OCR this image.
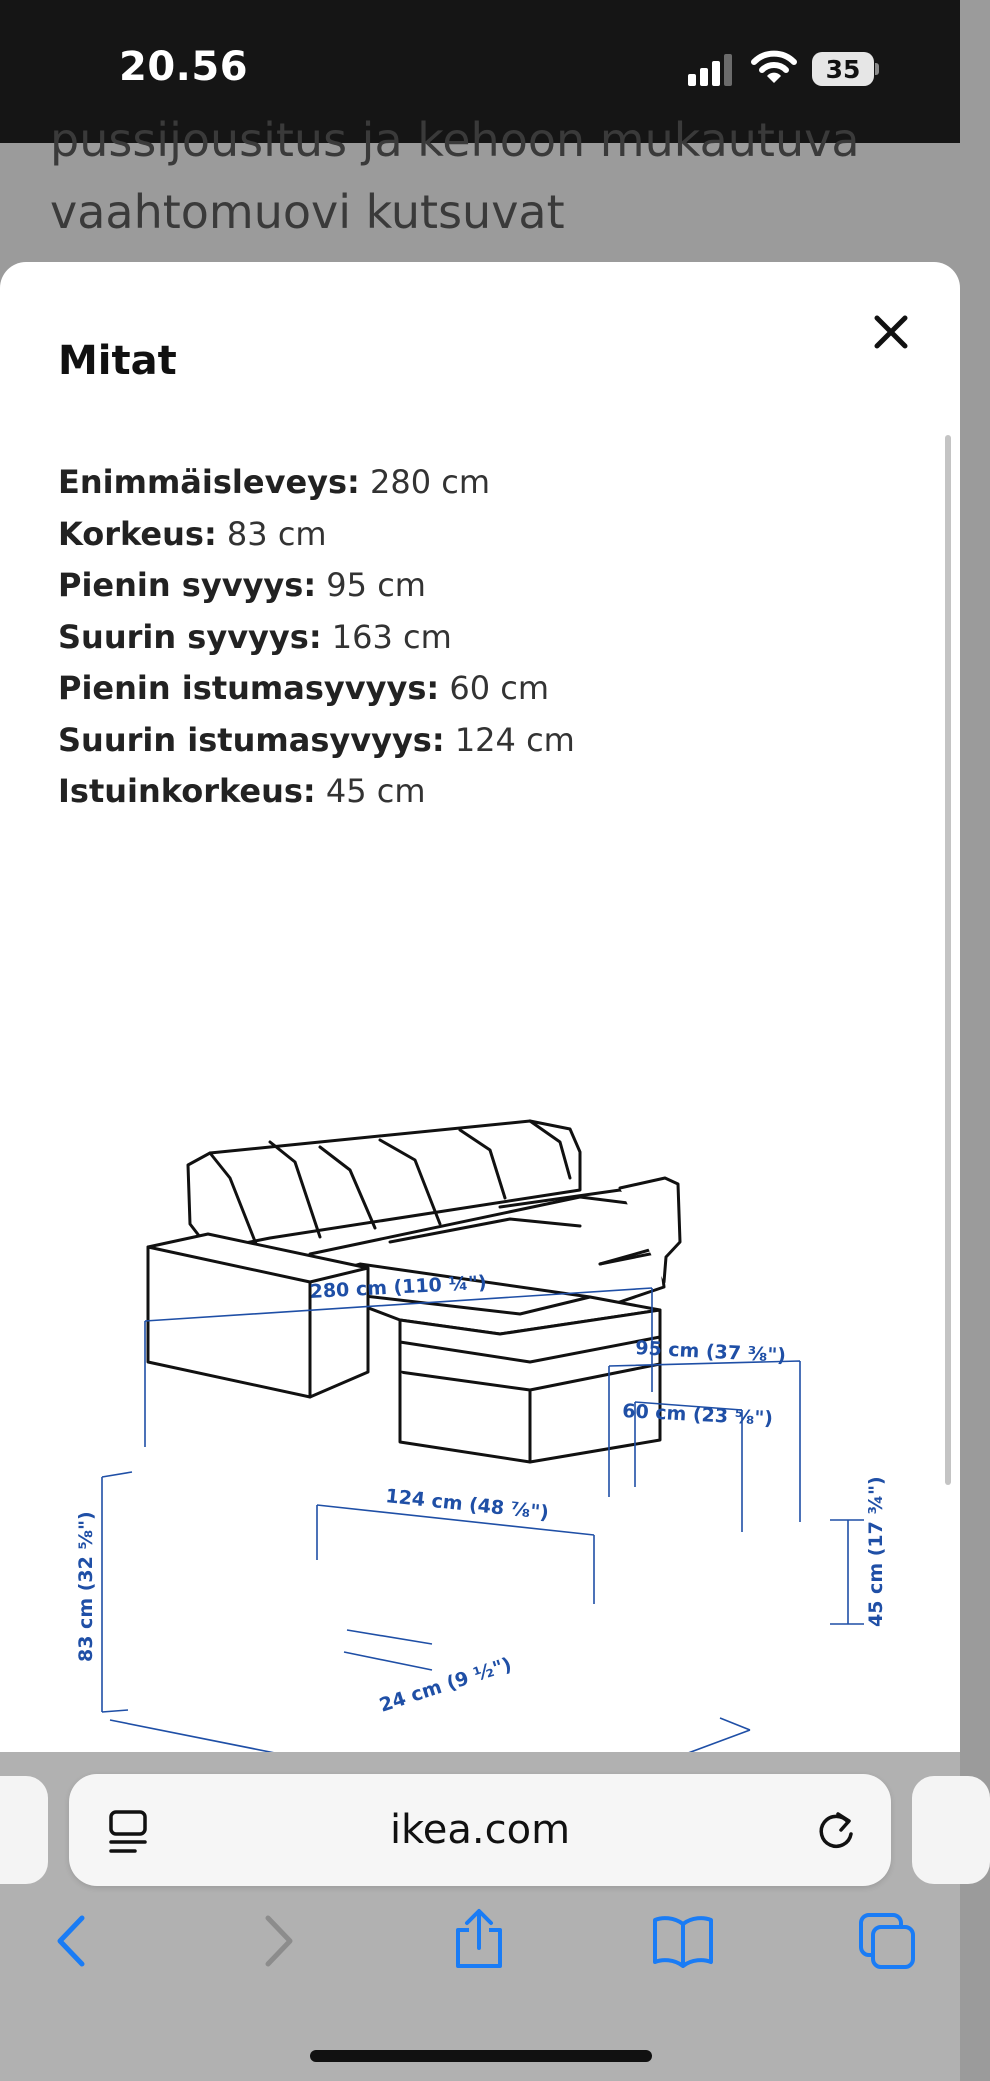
20.56	35
pussijousitus ja kehoon mukautuva
vaahtomuovi kutsuvat
Mitat
Enimmäisleveys: 280 cm
Korkeus: 83 cm
Pienin syvyys: 95 cm
Suurin syvyys: 163 cm
Pienin istumasyvyys: 60 cm
Suurin istumasyvyys: 124 cm
Istuinkorkeus: 45 cm
280 cm (110 ¼")
95 cm (37 ⅜")
60 cm (23 ⅝")
124 cm (48 ⅞")
83 cm (32 ⅝")	45 cm (17 ¾")
24 cm (9 ½")
ikea.com
